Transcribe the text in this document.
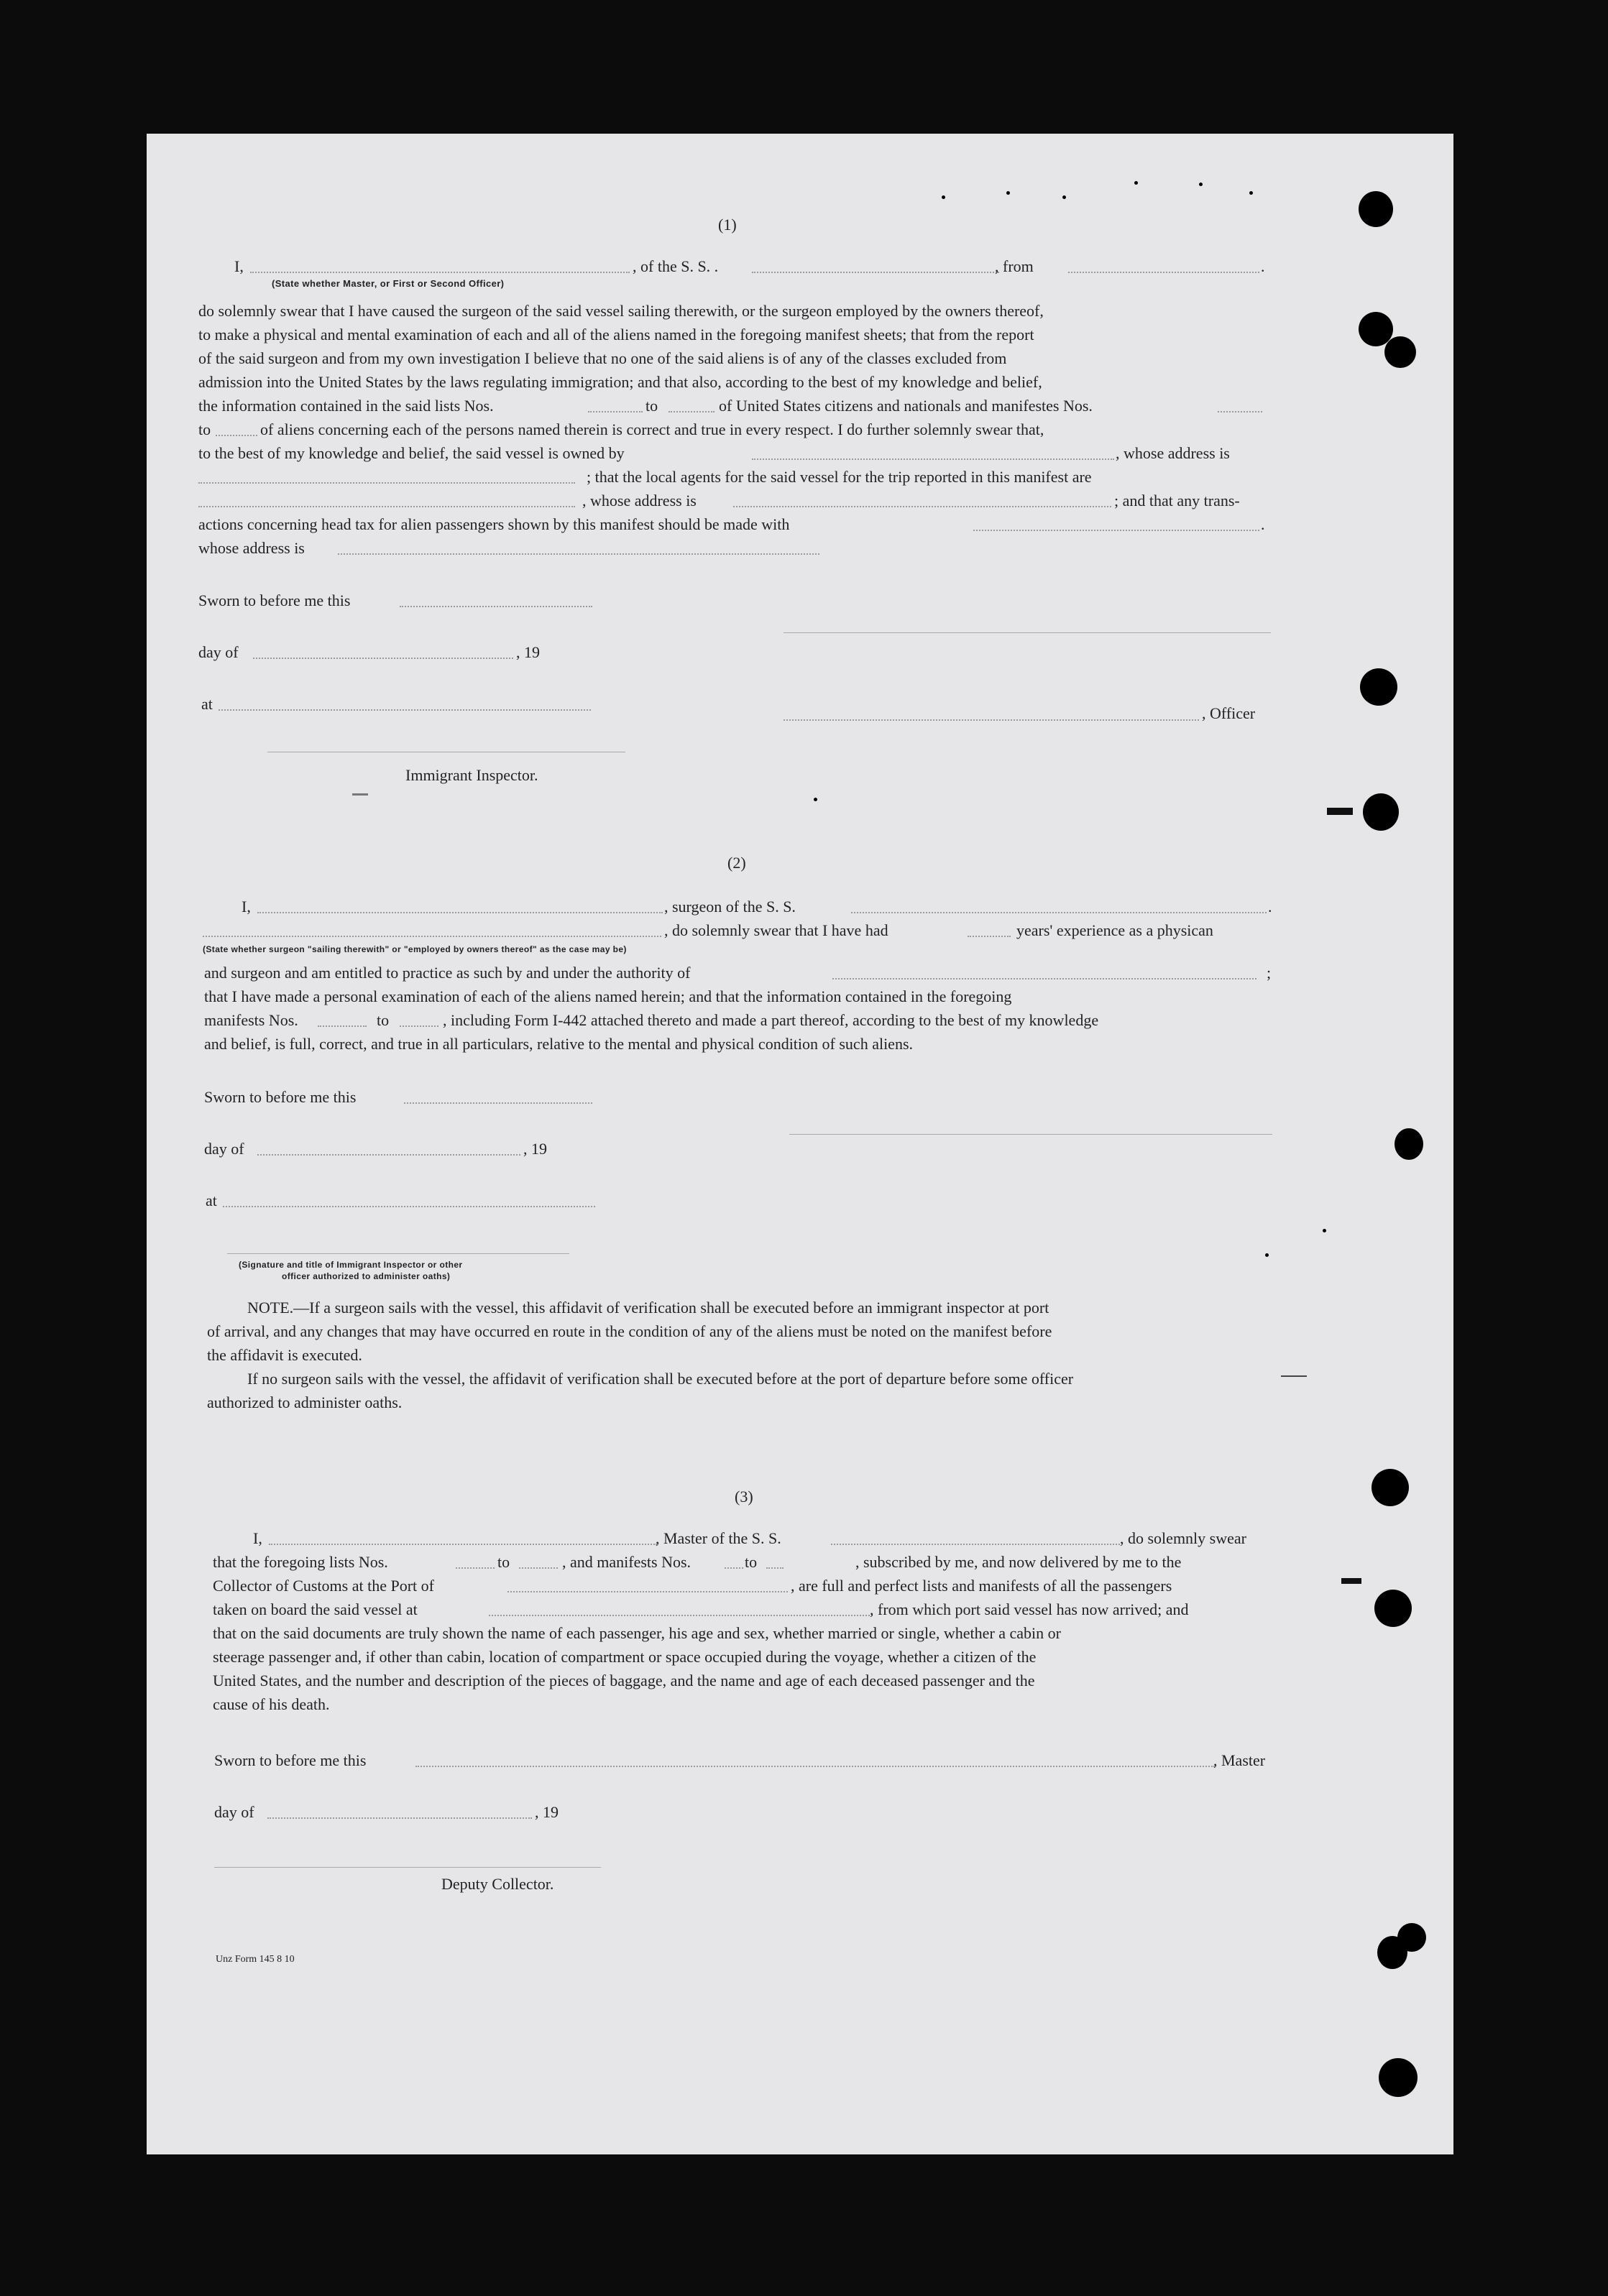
(1)
I,	, of the S. S. .	, from	.
(State whether Master, or First or Second Officer)
do solemnly swear that I have caused the surgeon of the said vessel sailing therewith, or the surgeon employed by the owners thereof,
to make a physical and mental examination of each and all of the aliens named in the foregoing manifest sheets; that from the report
of the said surgeon and from my own investigation I believe that no one of the said aliens is of any of the classes excluded from
admission into the United States by the laws regulating immigration; and that also, according to the best of my knowledge and belief,
the information contained in the said lists Nos.	to	of United States citizens and nationals and manifestes Nos.
to	of aliens concerning each of the persons named therein is correct and true in every respect. I do further solemnly swear that,
to the best of my knowledge and belief, the said vessel is owned by	, whose address is
; that the local agents for the said vessel for the trip reported in this manifest are
, whose address is	; and that any trans-
actions concerning head tax for alien passengers shown by this manifest should be made with	.
whose address is
Sworn to before me this
day of	, 19
at
, Officer
Immigrant Inspector.
(2)
I,	, surgeon of the S. S.	.
, do solemnly swear that I have had	years' experience as a physican
(State whether surgeon "sailing therewith" or "employed by owners thereof" as the case may be)
and surgeon and am entitled to practice as such by and under the authority of	;
that I have made a personal examination of each of the aliens named herein; and that the information contained in the foregoing
manifests Nos.	to	, including Form I-442 attached thereto and made a part thereof, according to the best of my knowledge
and belief, is full, correct, and true in all particulars, relative to the mental and physical condition of such aliens.
Sworn to before me this
day of	, 19
at
(Signature and title of Immigrant Inspector or other
officer authorized to administer oaths)
NOTE.—If a surgeon sails with the vessel, this affidavit of verification shall be executed before an immigrant inspector at port
of arrival, and any changes that may have occurred en route in the condition of any of the aliens must be noted on the manifest before
the affidavit is executed.
If no surgeon sails with the vessel, the affidavit of verification shall be executed before at the port of departure before some officer
authorized to administer oaths.
(3)
I,	, Master of the S. S.	, do solemnly swear
that the foregoing lists Nos.	to	, and manifests Nos.	to	, subscribed by me, and now delivered by me to the
Collector of Customs at the Port of	, are full and perfect lists and manifests of all the passengers
taken on board the said vessel at	, from which port said vessel has now arrived; and
that on the said documents are truly shown the name of each passenger, his age and sex, whether married or single, whether a cabin or
steerage passenger and, if other than cabin, location of compartment or space occupied during the voyage, whether a citizen of the
United States, and the number and description of the pieces of baggage, and the name and age of each deceased passenger and the
cause of his death.
Sworn to before me this	, Master
day of	, 19
Deputy Collector.
Unz Form 145 8 10
